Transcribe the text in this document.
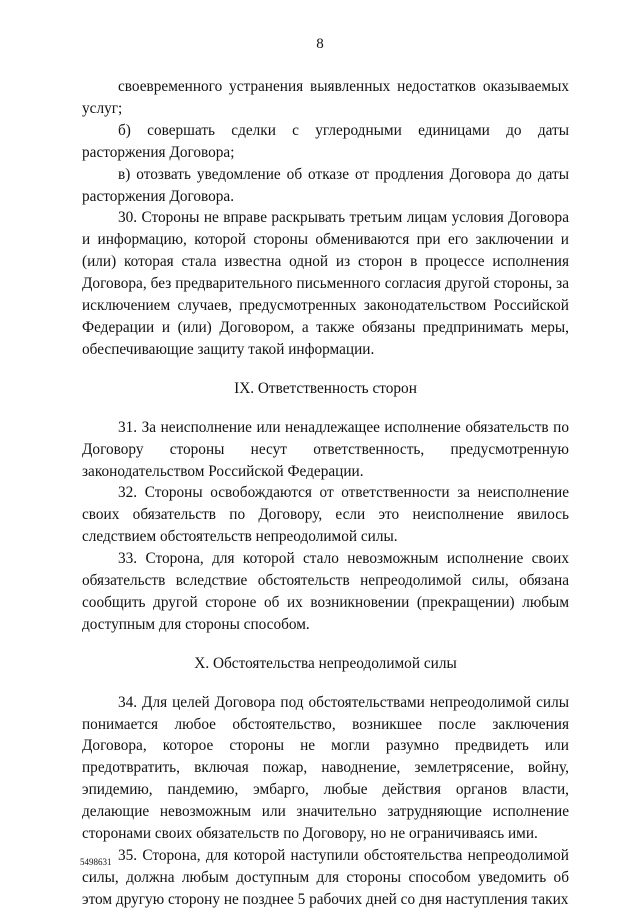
8

своевременного устранения выявленных недостатков оказываемых услуг;

б) совершать сделки с углеродными единицами до даты расторжения Договора;

в) отозвать уведомление об отказе от продления Договора до даты расторжения Договора.

30. Стороны не вправе раскрывать третьим лицам условия Договора и информацию, которой стороны обмениваются при его заключении и (или) которая стала известна одной из сторон в процессе исполнения Договора, без предварительного письменного согласия другой стороны, за исключением случаев, предусмотренных законодательством Российской Федерации и (или) Договором, а также обязаны предпринимать меры, обеспечивающие защиту такой информации.

IX. Ответственность сторон

31. За неисполнение или ненадлежащее исполнение обязательств по Договору стороны несут ответственность, предусмотренную законодательством Российской Федерации.

32. Стороны освобождаются от ответственности за неисполнение своих обязательств по Договору, если это неисполнение явилось следствием обстоятельств непреодолимой силы.

33. Сторона, для которой стало невозможным исполнение своих обязательств вследствие обстоятельств непреодолимой силы, обязана сообщить другой стороне об их возникновении (прекращении) любым доступным для стороны способом.

X. Обстоятельства непреодолимой силы

34. Для целей Договора под обстоятельствами непреодолимой силы понимается любое обстоятельство, возникшее после заключения Договора, которое стороны не могли разумно предвидеть или предотвратить, включая пожар, наводнение, землетрясение, войну, эпидемию, пандемию, эмбарго, любые действия органов власти, делающие невозможным или значительно затрудняющие исполнение сторонами своих обязательств по Договору, но не ограничиваясь ими.

35. Сторона, для которой наступили обстоятельства непреодолимой силы, должна любым доступным для стороны способом уведомить об этом другую сторону не позднее 5 рабочих дней со дня наступления таких

5498631
